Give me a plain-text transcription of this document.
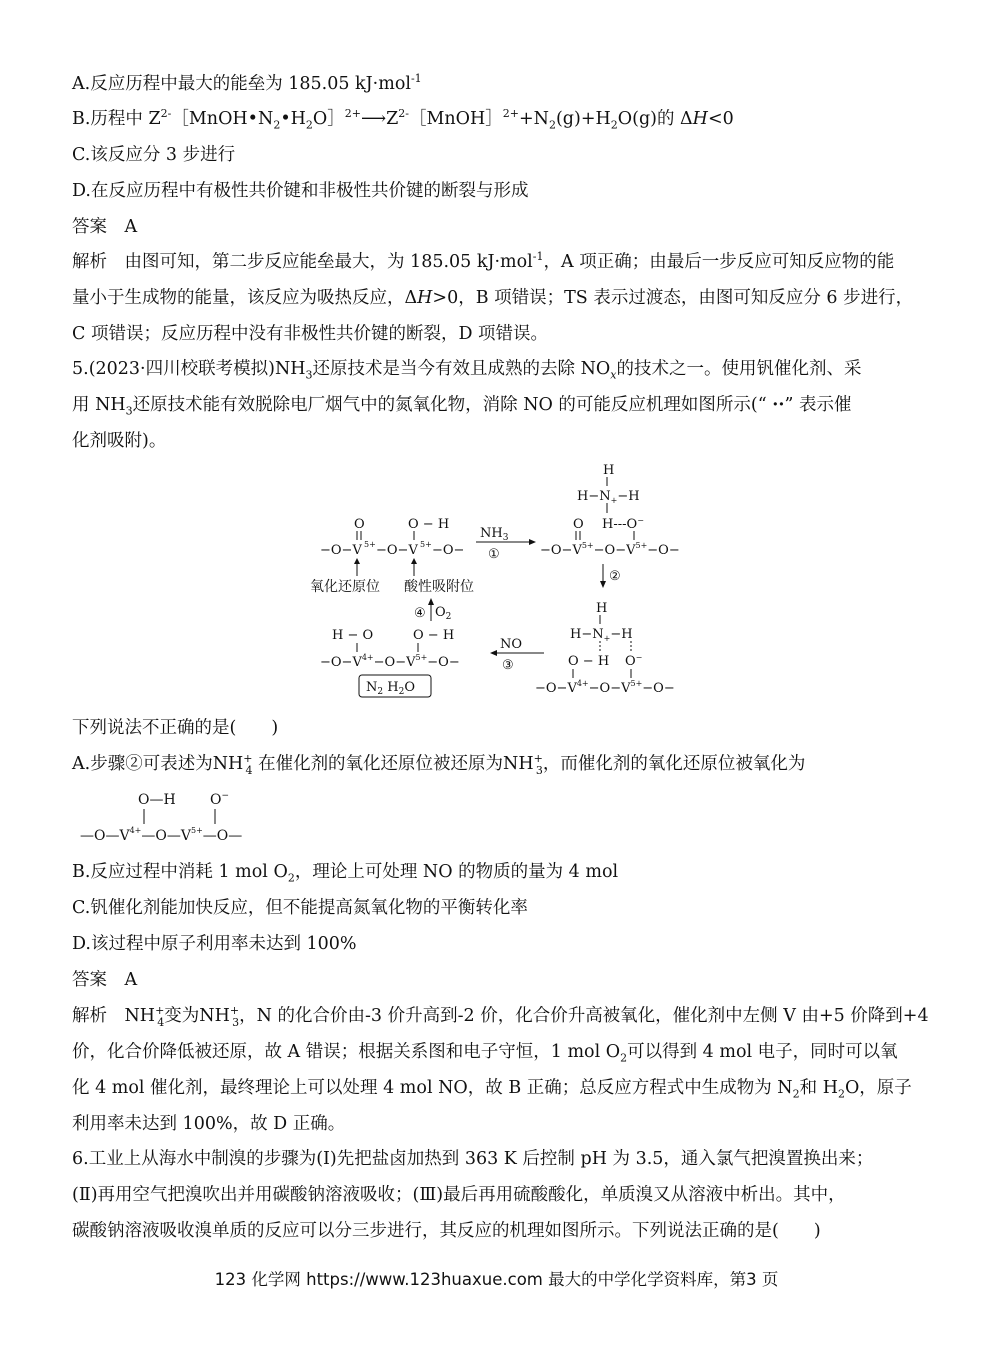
A.反应历程中最大的能垒为 185.05 kJ·mol$^{-1}$
B.历程中 $Z^{2-}[MnOH•N_2•H_2O]^{2+}⟶Z^{2-}[MnOH]^{2+}+N_2(g)+H_2O(g)$的 ΔH<0
C.该反应分 3 步进行
D.在反应历程中有极性共价键和非极性共价键的断裂与形成
答案　A
解析　由图可知，第二步反应能垒最大，为 185.05 kJ·mol$^{-1}$，A 项正确；由最后一步反应可知反应物的能
量小于生成物的能量，该反应为吸热反应，ΔH>0，B 项错误；TS 表示过渡态，由图可知反应分 6 步进行，
C 项错误；反应历程中没有非极性共价键的断裂，D 项错误。
5.(2023·四川校联考模拟)$NH_3$还原技术是当今有效且成熟的去除 $NO_x$的技术之一。使用钒催化剂、采
用 $NH_3$还原技术能有效脱除电厂烟气中的氮氧化物，消除 NO 的可能反应机理如图所示(“ ··” 表示催
化剂吸附)。
O
−O−V 5+ −O−V 5+ −O−
O − H
氧化还原位 酸性吸附位
$NH_3$
①
H
$H-N_+-H$
O H‐‐‐O−
$-O-V^{5+}-O-V^{5+}-O-$
②
④ $O_2$
H − O	O − H
$-O-V^{4+}-O-V^{5+}-O-$
$N_2$ $H_2O$
NO
③
H
$H-N_+-H$
O − H O−
$-O-V^{4+}-O-V^{5+}-O-$
下列说法不正确的是(　　)
A.步骤②可表述为$NH^+_4$ 在催化剂的氧化还原位被还原为$NH^+_3$，而催化剂的氧化还原位被氧化为
O—H O−
$—O—V^{4+}—O—V^{5+}—O—$
B.反应过程中消耗 1 mol $O_2$，理论上可处理 NO 的物质的量为 4 mol
C.钒催化剂能加快反应，但不能提高氮氧化物的平衡转化率
D.该过程中原子利用率未达到 100%
答案　A
解析　$NH^+_4$变为$NH^+_3$，N 的化合价由-3 价升高到-2 价，化合价升高被氧化，催化剂中左侧 V 由+5 价降到+4
价，化合价降低被还原，故 A 错误；根据关系图和电子守恒，1 mol $O_2$可以得到 4 mol 电子，同时可以氧
化 4 mol 催化剂，最终理论上可以处理 4 mol NO，故 B 正确；总反应方程式中生成物为 $N_2$和 $H_2O$，原子
利用率未达到 100%，故 D 正确。
6.工业上从海水中制溴的步骤为(Ⅰ)先把盐卤加热到 363 K 后控制 pH 为 3.5，通入氯气把溴置换出来；
(Ⅱ)再用空气把溴吹出并用碳酸钠溶液吸收；(Ⅲ)最后再用硫酸酸化，单质溴又从溶液中析出。其中，
碳酸钠溶液吸收溴单质的反应可以分三步进行，其反应的机理如图所示。下列说法正确的是(　　)
123 化学网 https://www.123huaxue.com 最大的中学化学资料库，第3 页
